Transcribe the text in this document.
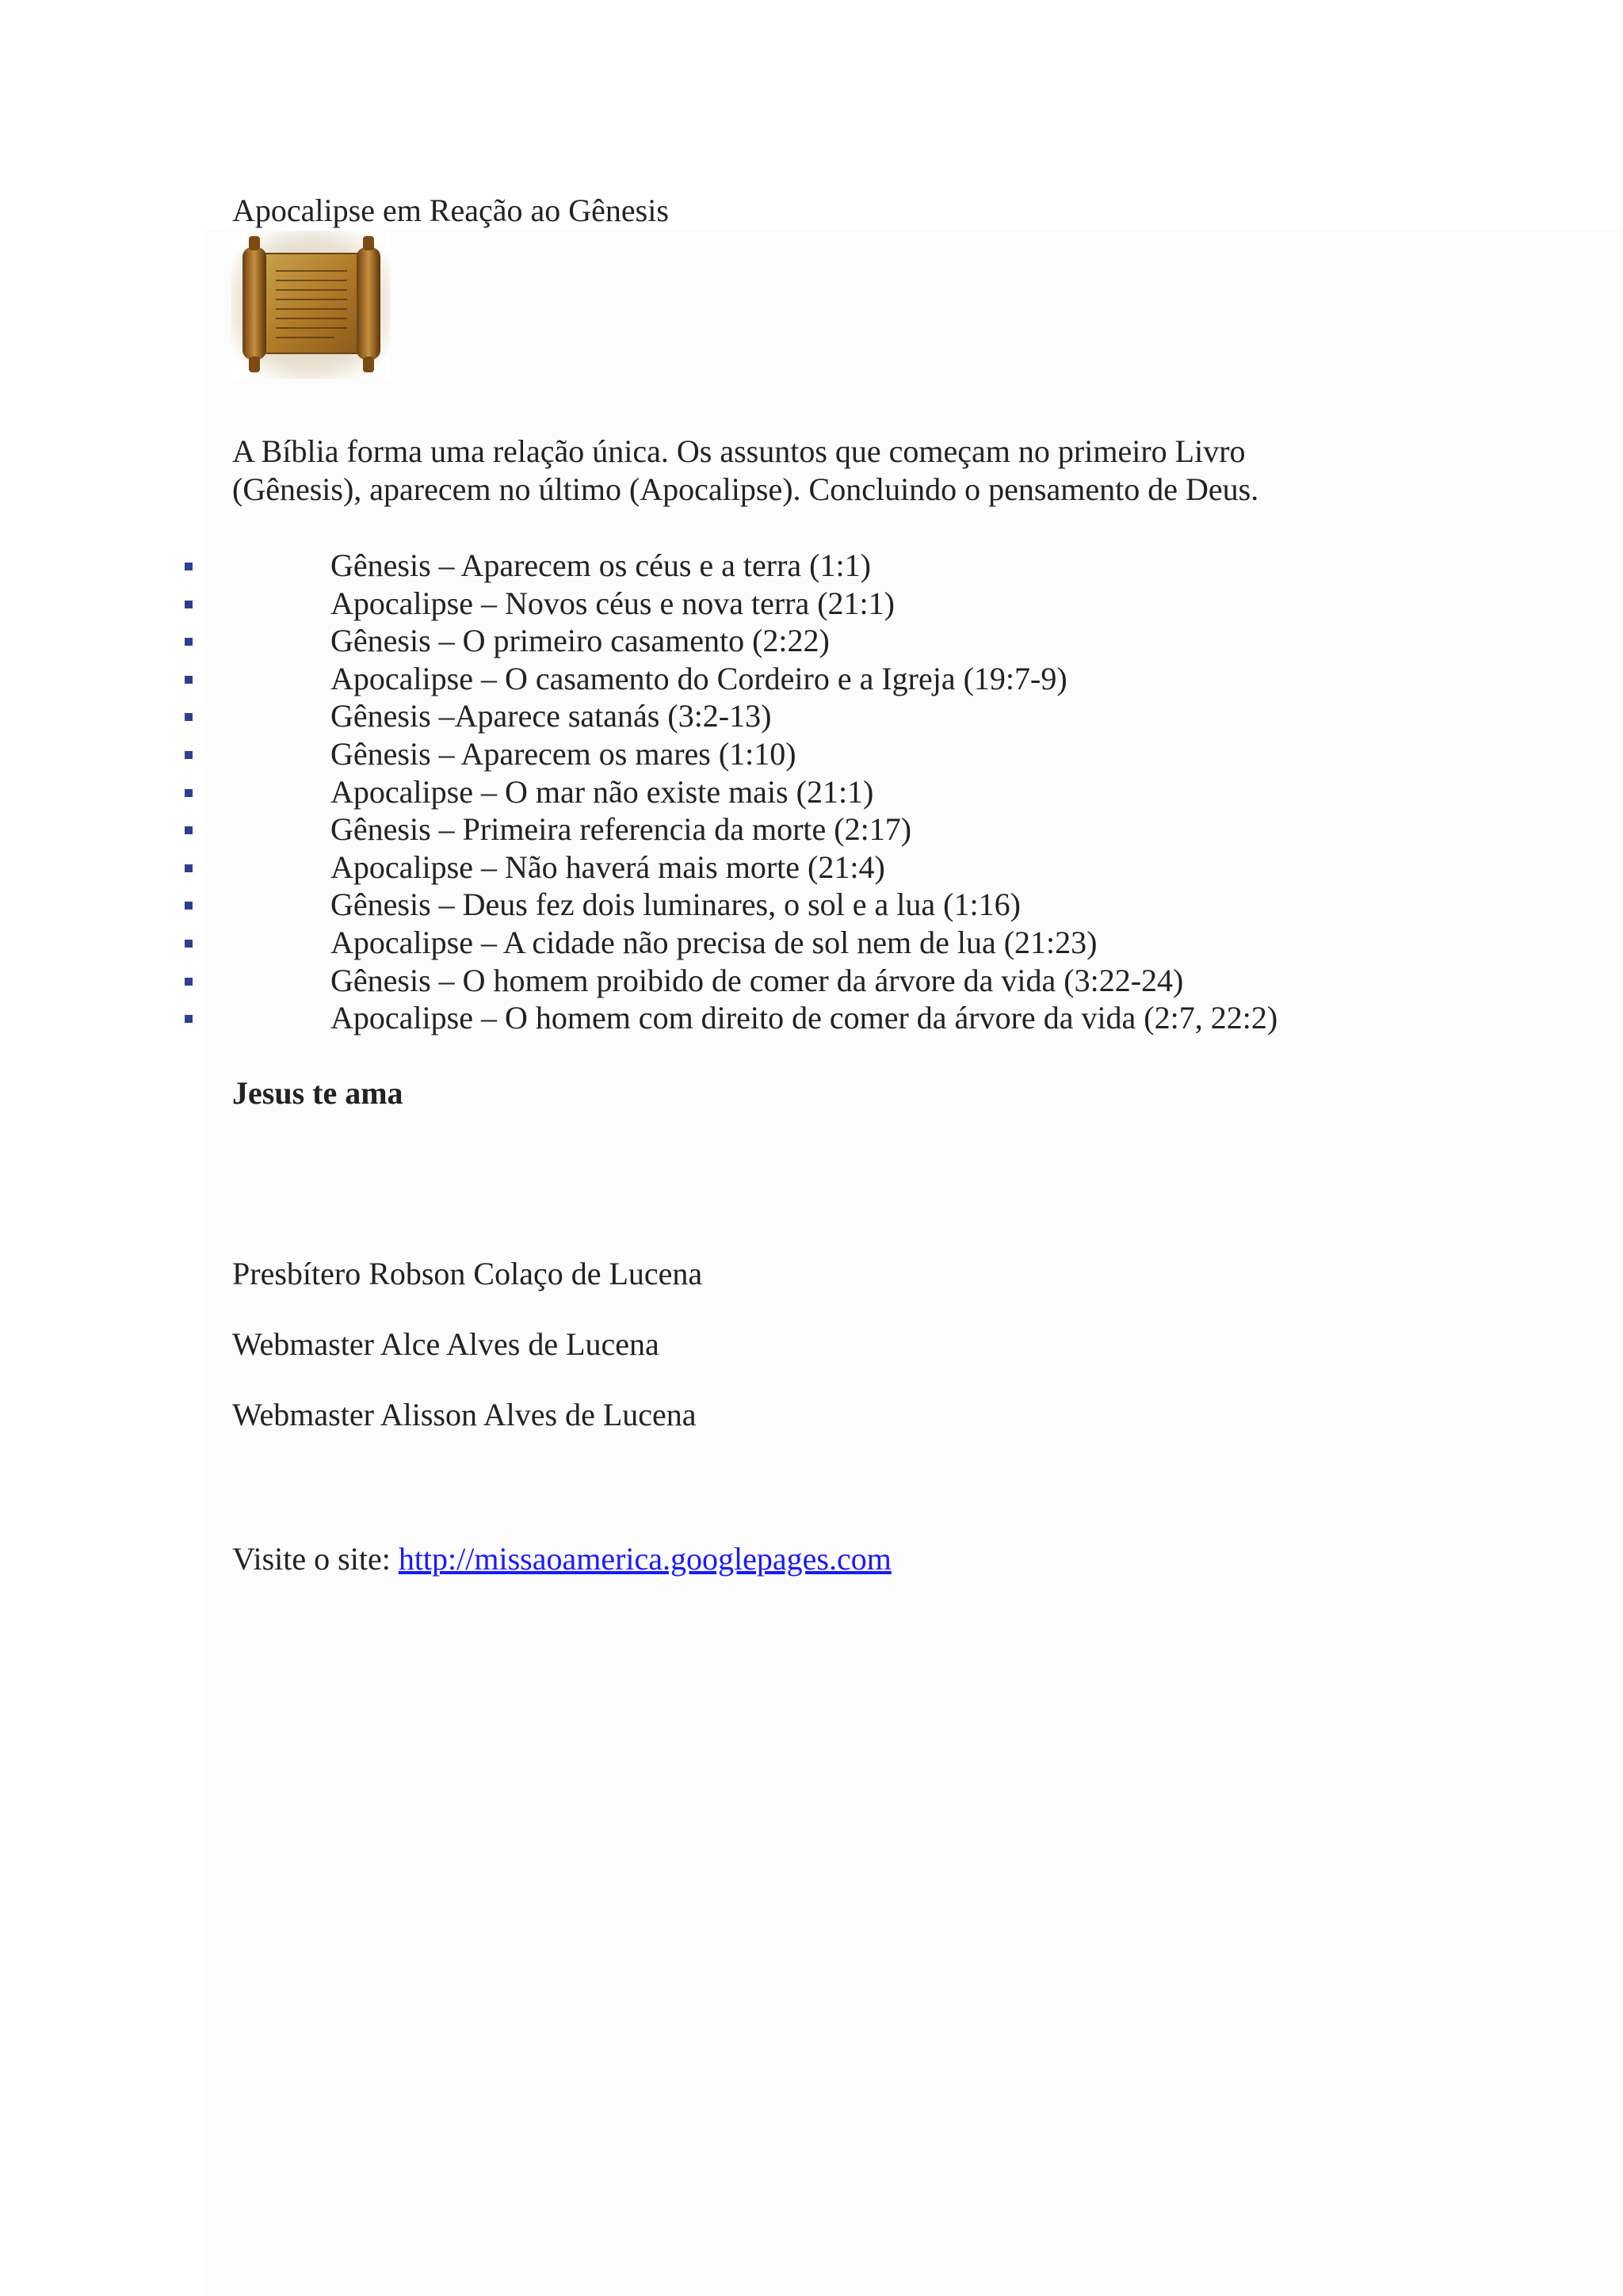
Apocalipse em Reação ao Gênesis

A Bíblia forma uma relação única. Os assuntos que começam no primeiro Livro

(Gênesis), aparecem no último (Apocalipse). Concluindo o pensamento de Deus.

Gênesis – Aparecem os céus e a terra (1:1)
Apocalipse – Novos céus e nova terra (21:1)
Gênesis – O primeiro casamento (2:22)
Apocalipse – O casamento do Cordeiro e a Igreja (19:7-9)
Gênesis –Aparece satanás (3:2-13)
Gênesis – Aparecem os mares (1:10)
Apocalipse – O mar não existe mais (21:1)
Gênesis – Primeira referencia da morte (2:17)
Apocalipse – Não haverá mais morte (21:4)
Gênesis – Deus fez dois luminares, o sol e a lua (1:16)
Apocalipse – A cidade não precisa de sol nem de lua (21:23)
Gênesis – O homem proibido de comer da árvore da vida (3:22-24)
Apocalipse – O homem com direito de comer da árvore da vida (2:7, 22:2)
Jesus te ama
Presbítero Robson Colaço de Lucena
Webmaster Alce Alves de Lucena
Webmaster Alisson Alves de Lucena
Visite o site: http://missaoamerica.googlepages.com
